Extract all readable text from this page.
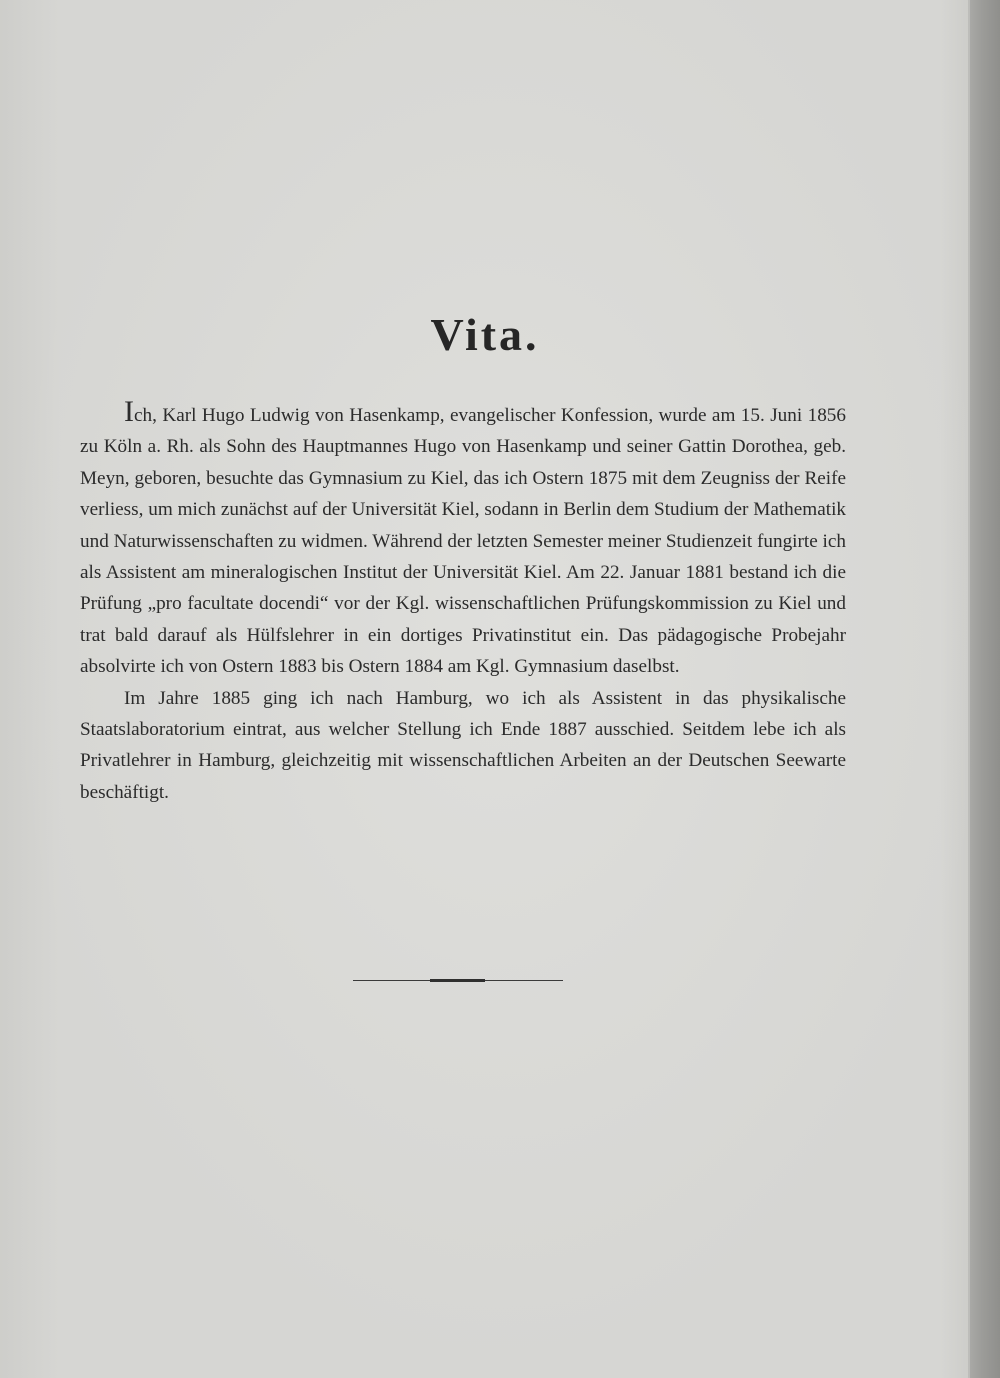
Vita.

Ich, Karl Hugo Ludwig von Hasenkamp, evangelischer Konfession, wurde am 15. Juni 1856 zu Köln a. Rh. als Sohn des Hauptmannes Hugo von Hasenkamp und seiner Gattin Dorothea, geb. Meyn, geboren, besuchte das Gymnasium zu Kiel, das ich Ostern 1875 mit dem Zeugniss der Reife verliess, um mich zunächst auf der Universität Kiel, sodann in Berlin dem Studium der Mathematik und Naturwissenschaften zu widmen. Während der letzten Semester meiner Studienzeit fungirte ich als Assistent am mineralogischen Institut der Universität Kiel. Am 22. Januar 1881 bestand ich die Prüfung „pro facultate docendi“ vor der Kgl. wissenschaftlichen Prüfungskommission zu Kiel und trat bald darauf als Hülfslehrer in ein dortiges Privatinstitut ein. Das pädagogische Probejahr absolvirte ich von Ostern 1883 bis Ostern 1884 am Kgl. Gymnasium daselbst.

Im Jahre 1885 ging ich nach Hamburg, wo ich als Assistent in das physikalische Staatslaboratorium eintrat, aus welcher Stellung ich Ende 1887 ausschied. Seitdem lebe ich als Privatlehrer in Hamburg, gleichzeitig mit wissenschaftlichen Arbeiten an der Deutschen Seewarte beschäftigt.
